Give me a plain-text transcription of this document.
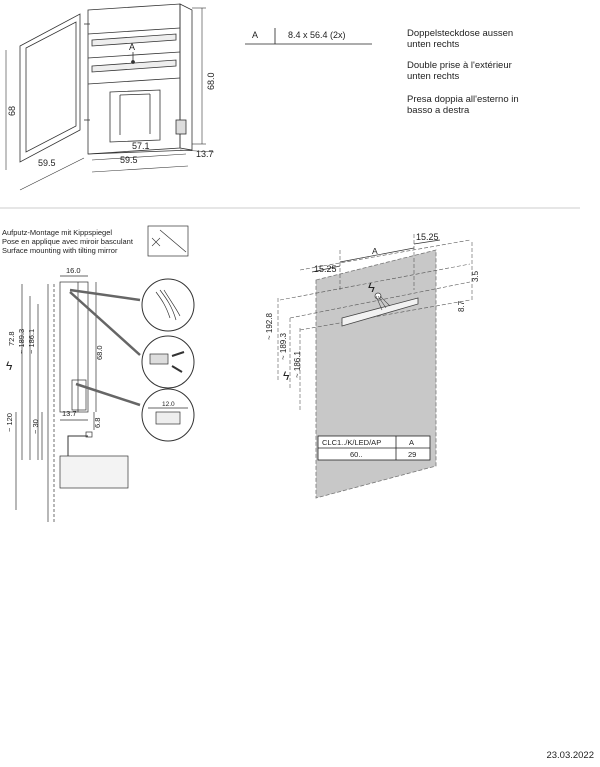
A
68
68.0
59.5
57.1
59.5
13.7
A	8.4 x 56.4 (2x)
16.0
72.8 ~ 189.3 ~ 186.1	68.0
13.7
6.8
~ 120 ~ 30
12.0
ϟ
ϟ
ϟ
A
15.25
15.25
3.5
8.7
~ 192.8
~ 189.3
~ 186.1
CLC1../K/LED/AP	A
60..	29
Doppelsteckdose aussen unten rechts
Double prise à l'extérieur unten rechts
Presa doppia all'esterno in basso a destra
Aufputz-Montage mit Kippspiegel
Pose en applique avec miroir basculant
Surface mounting with tilting mirror
23.03.2022
